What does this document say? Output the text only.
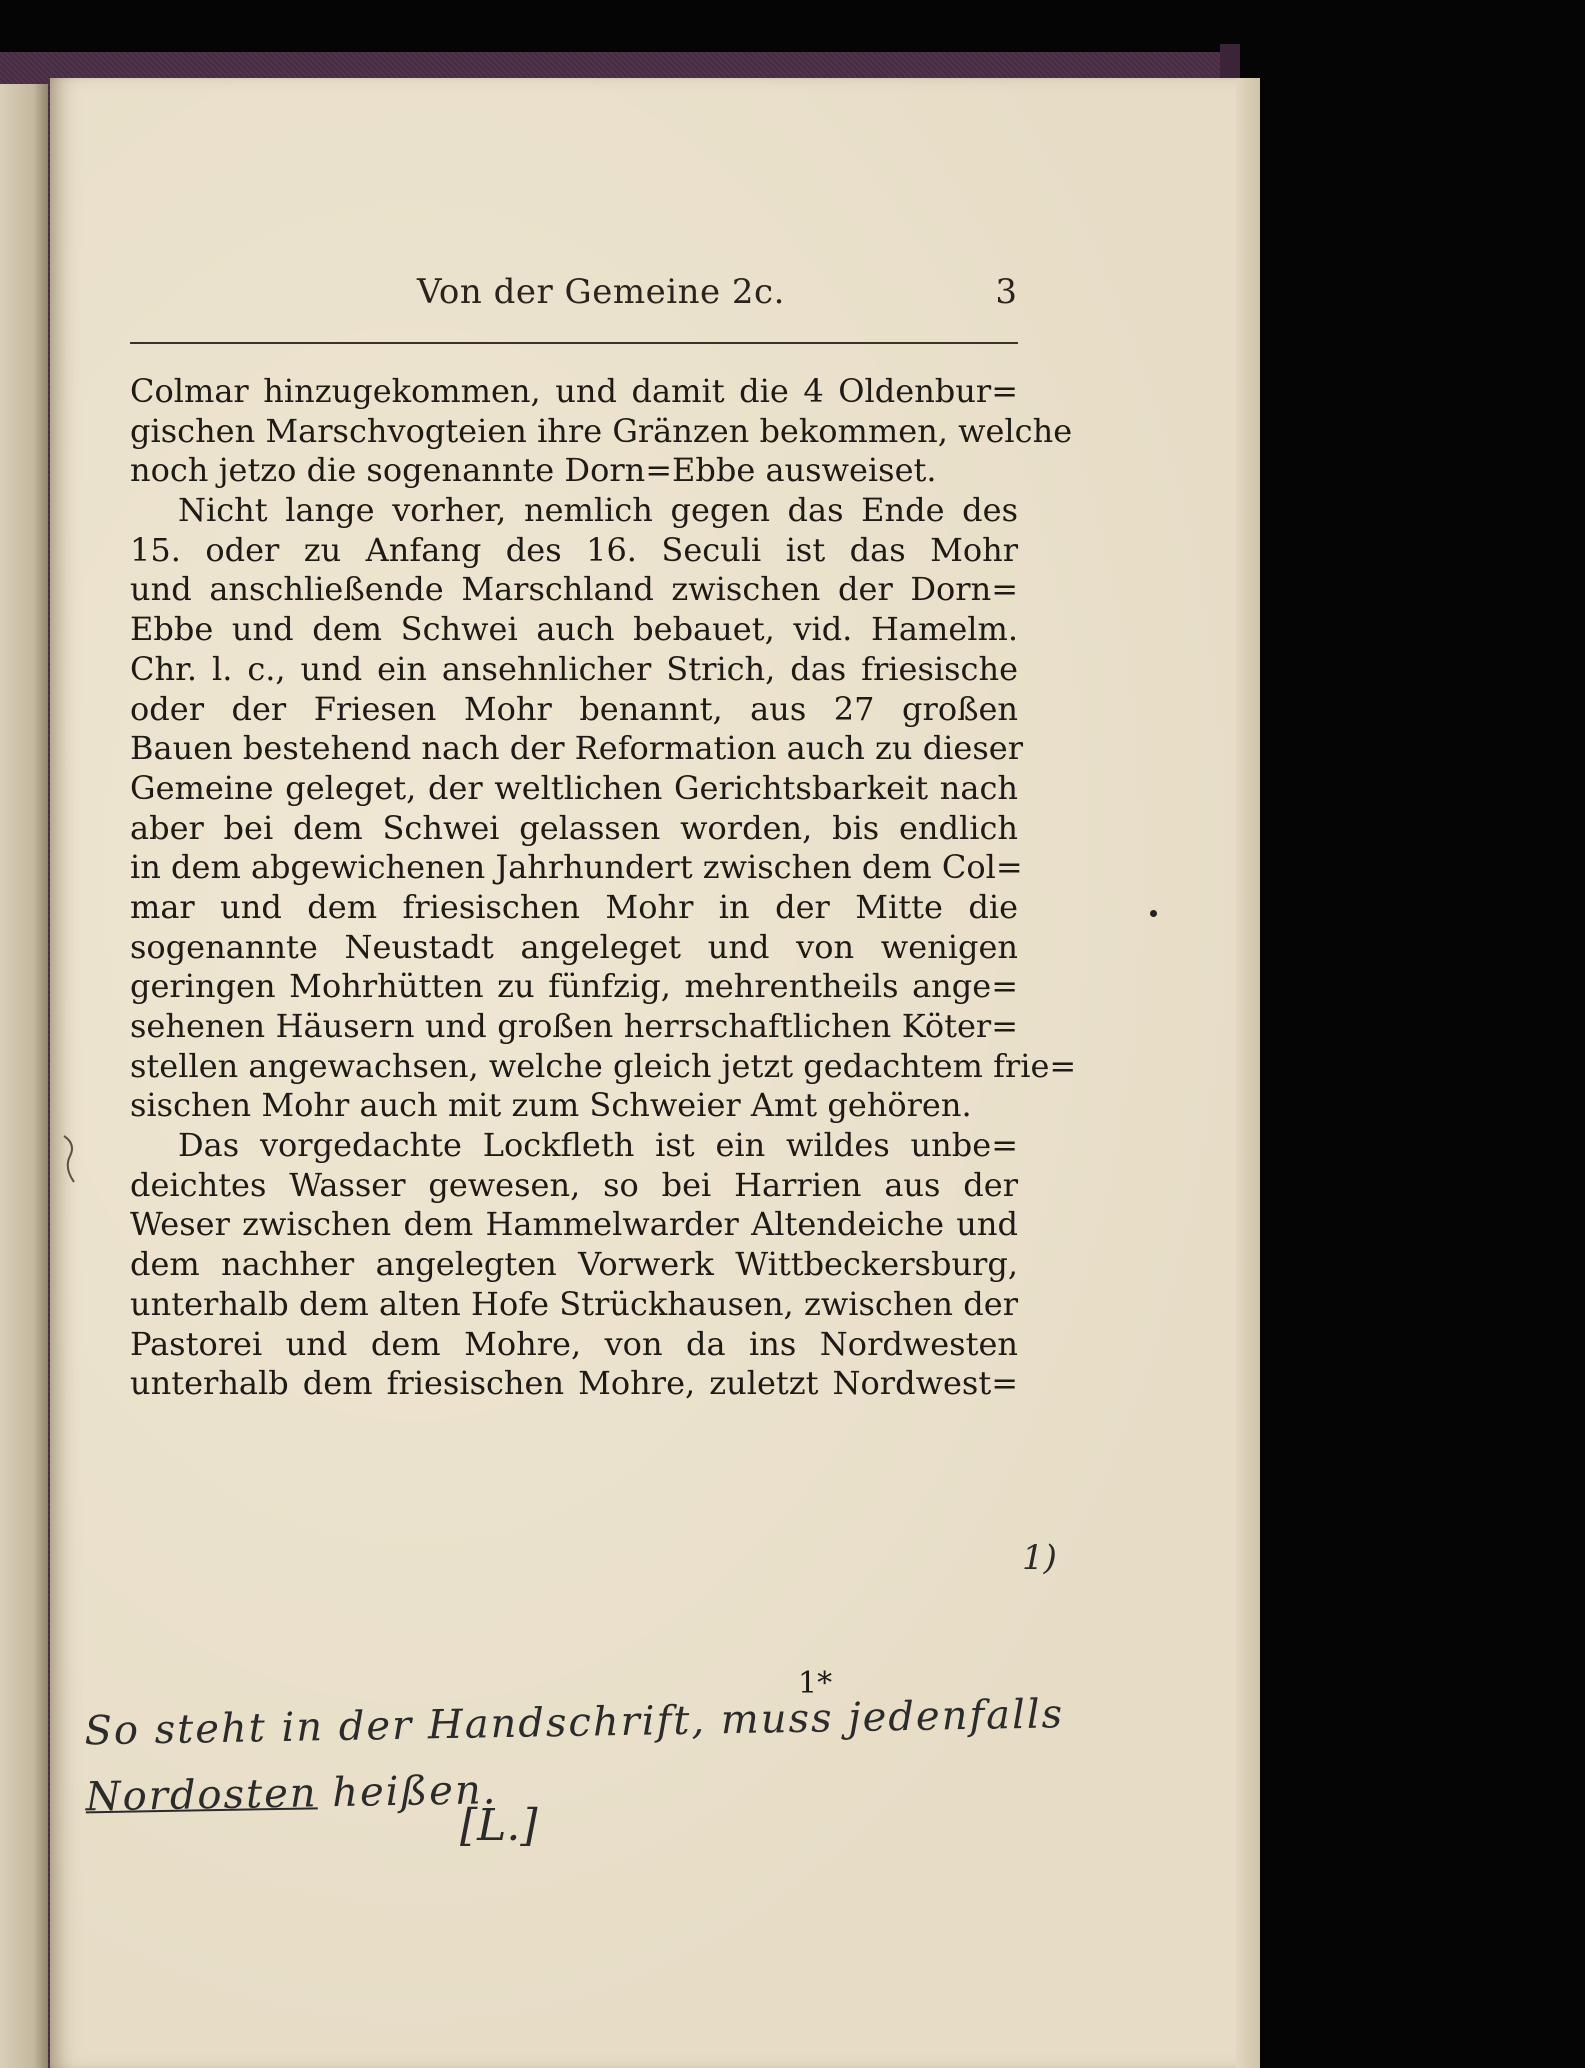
Von der Gemeine 2c.	3
Colmar hinzugekommen, und damit die 4 Oldenbur=
gischen Marschvogteien ihre Gränzen bekommen, welche
noch jetzo die sogenannte Dorn=Ebbe ausweiset.
Nicht lange vorher, nemlich gegen das Ende des
15. oder zu Anfang des 16. Seculi ist das Mohr
und anschließende Marschland zwischen der Dorn=
Ebbe und dem Schwei auch bebauet, vid. Hamelm.
Chr. l. c., und ein ansehnlicher Strich, das friesische
oder der Friesen Mohr benannt, aus 27 großen
Bauen bestehend nach der Reformation auch zu dieser
Gemeine geleget, der weltlichen Gerichtsbarkeit nach
aber bei dem Schwei gelassen worden, bis endlich
in dem abgewichenen Jahrhundert zwischen dem Col=
mar und dem friesischen Mohr in der Mitte die
sogenannte Neustadt angeleget und von wenigen
geringen Mohrhütten zu fünfzig, mehrentheils ange=
sehenen Häusern und großen herrschaftlichen Köter=
stellen angewachsen, welche gleich jetzt gedachtem frie=
sischen Mohr auch mit zum Schweier Amt gehören.
Das vorgedachte Lockfleth ist ein wildes unbe=
deichtes Wasser gewesen, so bei Harrien aus der
Weser zwischen dem Hammelwarder Altendeiche und
dem nachher angelegten Vorwerk Wittbeckersburg,
unterhalb dem alten Hofe Strückhausen, zwischen der
Pastorei und dem Mohre, von da ins Nordwesten
unterhalb dem friesischen Mohre, zuletzt Nordwest=
1*
1)
So steht in der Handschrift, muss jedenfalls
Nordosten heißen.
[L.]
